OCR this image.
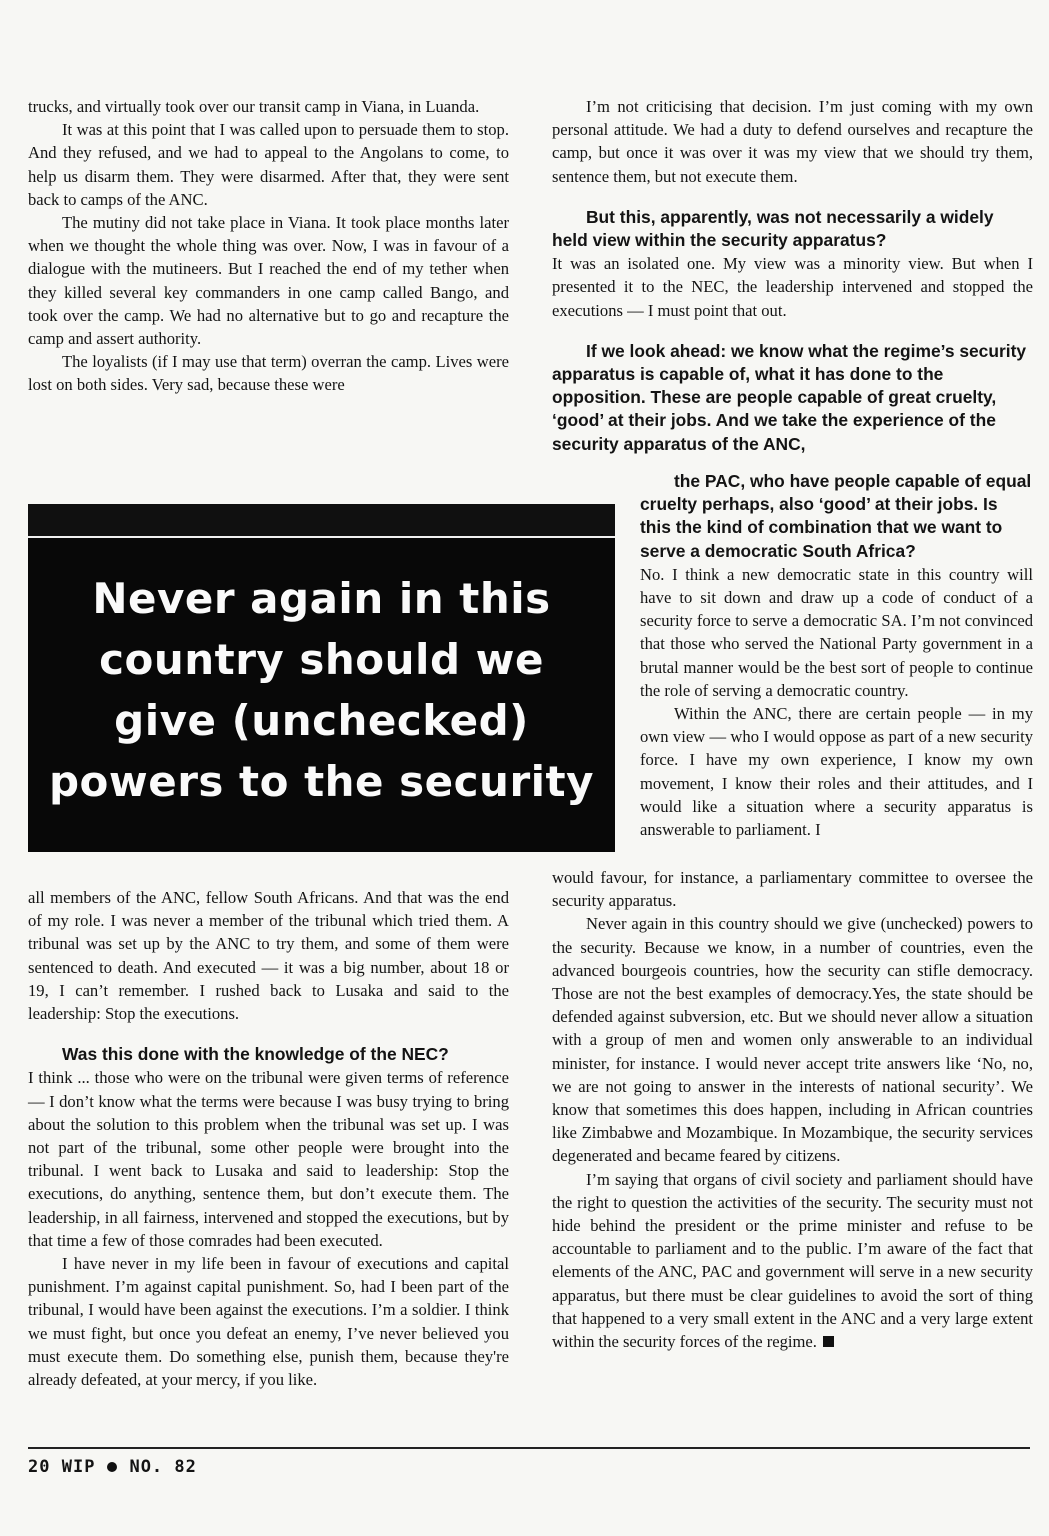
trucks, and virtually took over our transit camp in Viana, in Luanda.

It was at this point that I was called upon to persuade them to stop. And they refused, and we had to appeal to the Angolans to come, to help us disarm them. They were disarmed. After that, they were sent back to camps of the ANC.

The mutiny did not take place in Viana. It took place months later when we thought the whole thing was over. Now, I was in favour of a dialogue with the mutineers. But I reached the end of my tether when they killed several key commanders in one camp called Bango, and took over the camp. We had no alternative but to go and recapture the camp and assert authority.

The loyalists (if I may use that term) overran the camp. Lives were lost on both sides. Very sad, because these were

Never again in this country should we give (unchecked) powers to the security

all members of the ANC, fellow South Africans. And that was the end of my role. I was never a member of the tribunal which tried them. A tribunal was set up by the ANC to try them, and some of them were sentenced to death. And executed — it was a big number, about 18 or 19, I can’t remember. I rushed back to Lusaka and said to the leadership: Stop the executions.

Was this done with the knowledge of the NEC?

I think ... those who were on the tribunal were given terms of reference — I don’t know what the terms were because I was busy trying to bring about the solution to this problem when the tribunal was set up. I was not part of the tribunal, some other people were brought into the tribunal. I went back to Lusaka and said to leadership: Stop the executions, do anything, sentence them, but don’t execute them. The leadership, in all fairness, intervened and stopped the executions, but by that time a few of those comrades had been executed.

I have never in my life been in favour of executions and capital punishment. I’m against capital punishment. So, had I been part of the tribunal, I would have been against the executions. I’m a soldier. I think we must fight, but once you defeat an enemy, I’ve never believed you must execute them. Do something else, punish them, because they're already defeated, at your mercy, if you like.

I’m not criticising that decision. I’m just coming with my own personal attitude. We had a duty to defend ourselves and recapture the camp, but once it was over it was my view that we should try them, sentence them, but not execute them.

But this, apparently, was not necessarily a widely held view within the security apparatus?

It was an isolated one. My view was a minority view. But when I presented it to the NEC, the leadership intervened and stopped the executions — I must point that out.

If we look ahead: we know what the regime’s security apparatus is capable of, what it has done to the opposition. These are people capable of great cruelty, ‘good’ at their jobs. And we take the experience of the security apparatus of the ANC,

the PAC, who have people capable of equal cruelty perhaps, also ‘good’ at their jobs. Is this the kind of combination that we want to serve a democratic South Africa?

No. I think a new democratic state in this country will have to sit down and draw up a code of conduct of a security force to serve a democratic SA. I’m not convinced that those who served the National Party government in a brutal manner would be the best sort of people to continue the role of serving a democratic country.

Within the ANC, there are certain people — in my own view — who I would oppose as part of a new security force. I have my own experience, I know my own movement, I know their roles and their attitudes, and I would like a situation where a security apparatus is answerable to parliament. I

would favour, for instance, a parliamentary committee to oversee the security apparatus.

Never again in this country should we give (unchecked) powers to the security. Because we know, in a number of countries, even the advanced bourgeois countries, how the security can stifle democracy. Those are not the best examples of democracy.Yes, the state should be defended against subversion, etc. But we should never allow a situation with a group of men and women only answerable to an individual minister, for instance. I would never accept trite answers like ‘No, no, we are not going to answer in the interests of national security’. We know that sometimes this does happen, including in African countries like Zimbabwe and Mozambique. In Mozambique, the security services degenerated and became feared by citizens.

I’m saying that organs of civil society and parliament should have the right to question the activities of the security. The security must not hide behind the president or the prime minister and refuse to be accountable to parliament and to the public. I’m aware of the fact that elements of the ANC, PAC and government will serve in a new security apparatus, but there must be clear guidelines to avoid the sort of thing that happened to a very small extent in the ANC and a very large extent within the security forces of the regime.

20 WIP NO. 82
